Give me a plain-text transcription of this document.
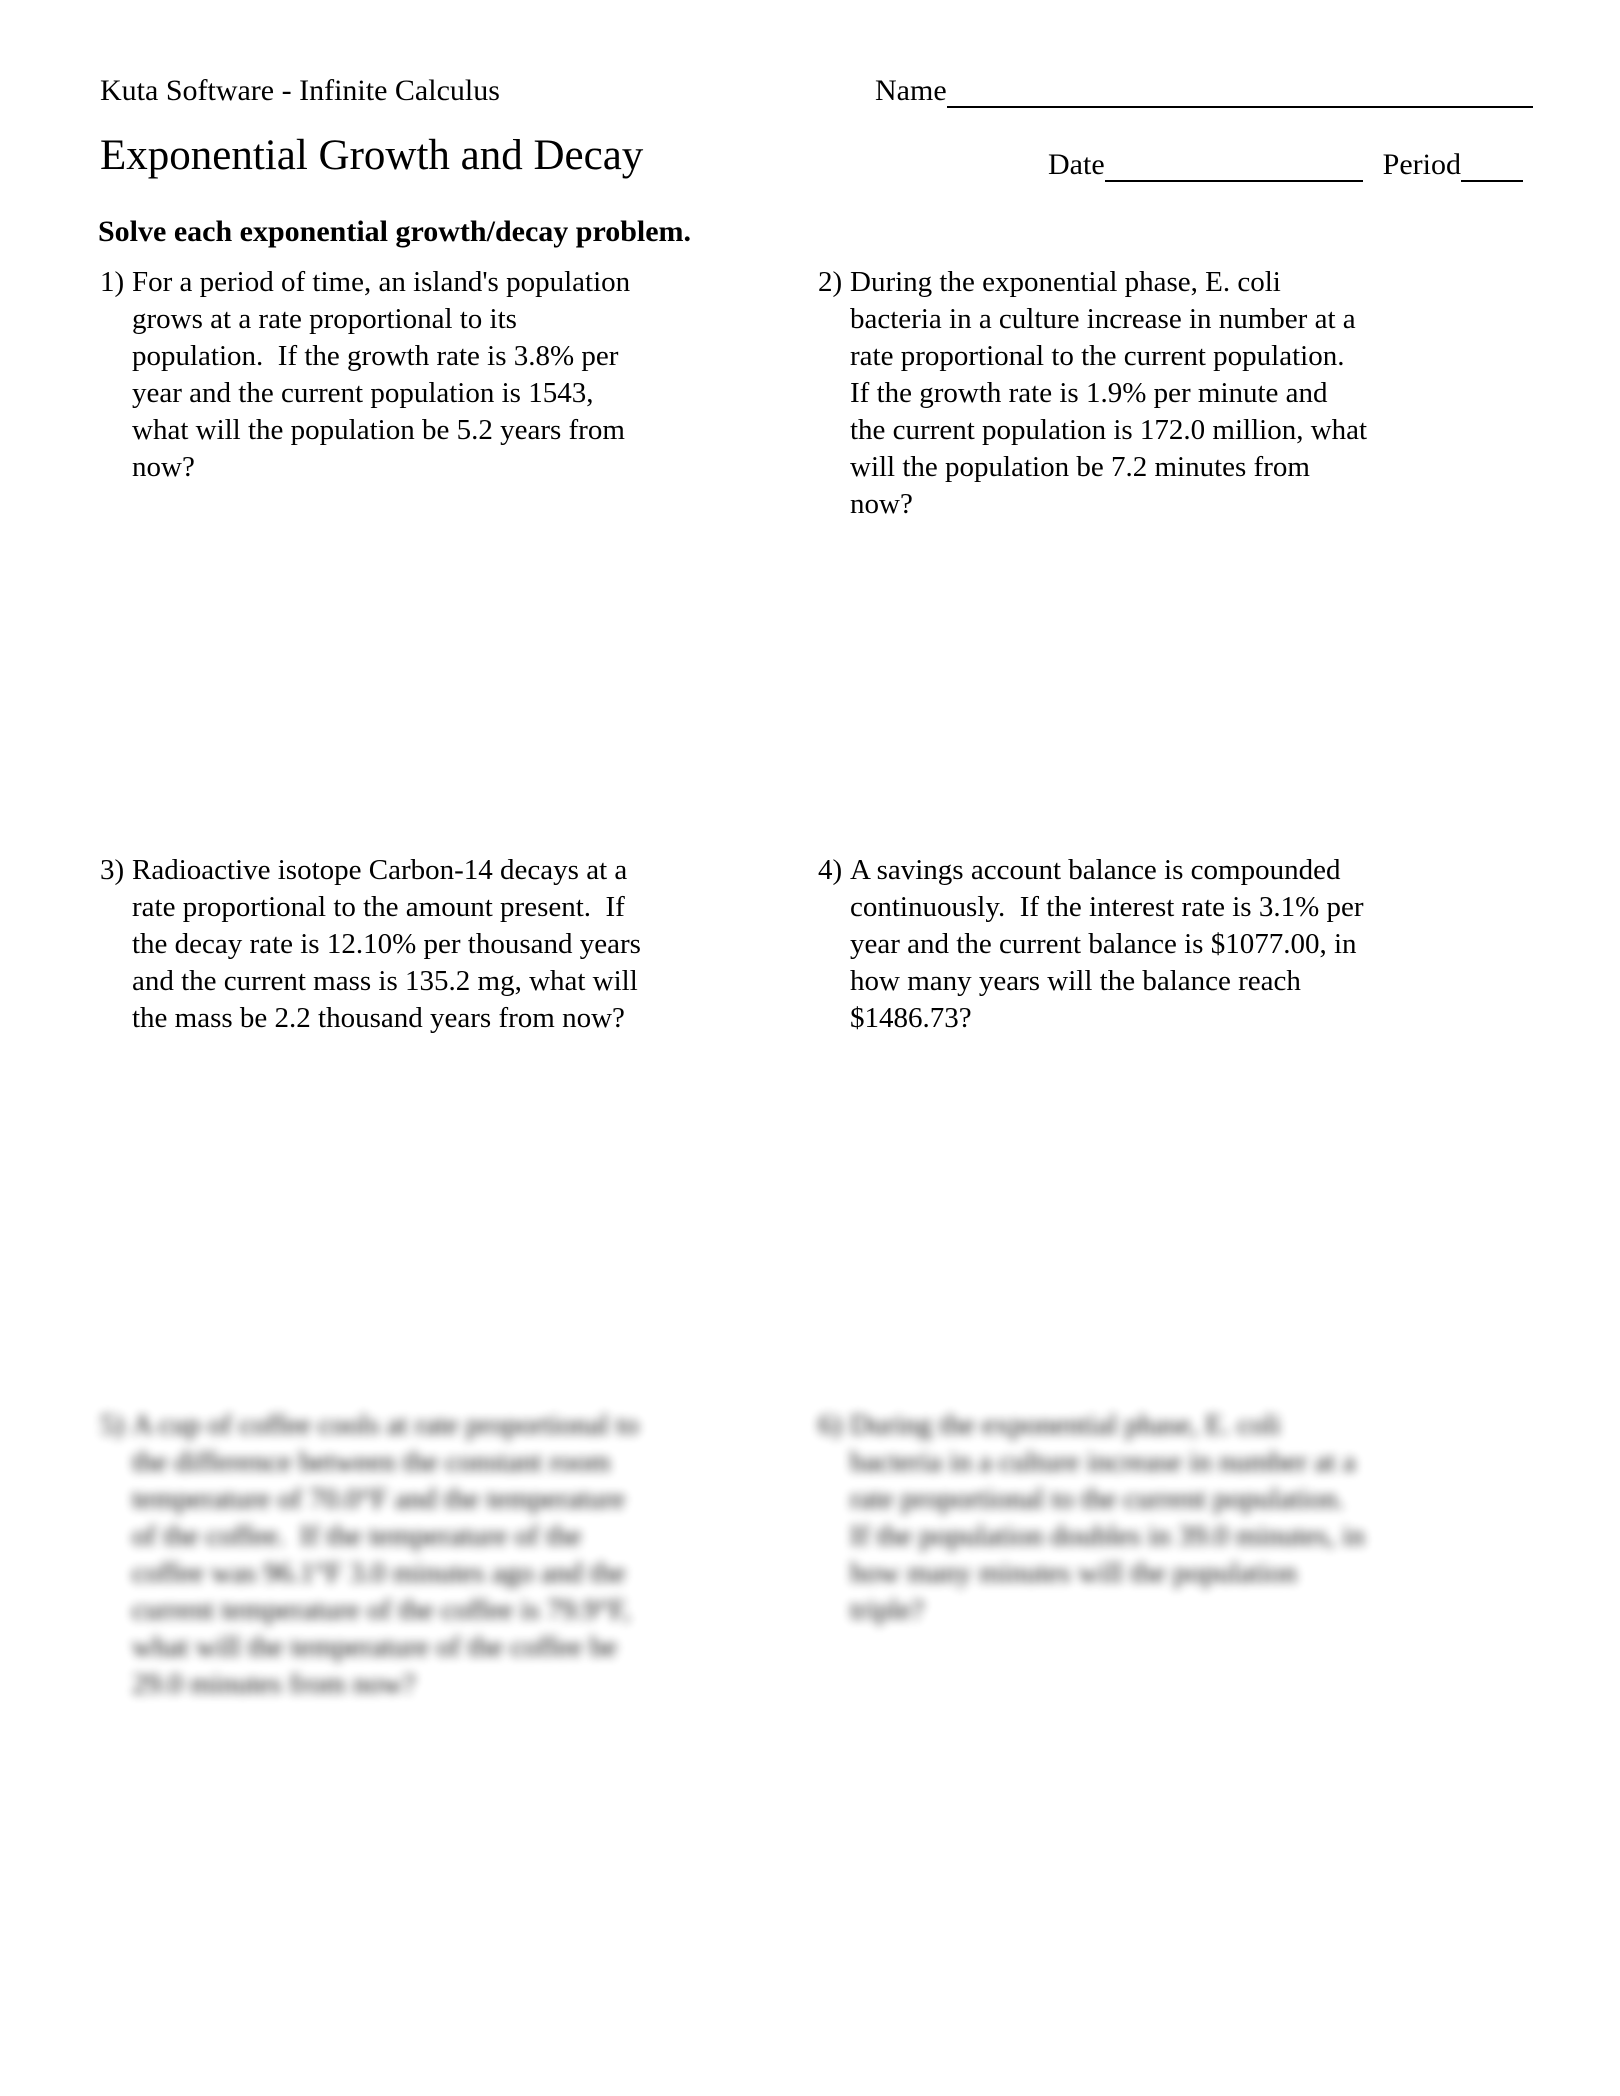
Kuta Software - Infinite Calculus	Name
Exponential Growth and Decay	Date	Period
Solve each exponential growth/decay problem.
1) For a period of time, an island's population
grows at a rate proportional to its
population.  If the growth rate is 3.8% per
year and the current population is 1543,
what will the population be 5.2 years from
now?
2) During the exponential phase, E. coli
bacteria in a culture increase in number at a
rate proportional to the current population.
If the growth rate is 1.9% per minute and
the current population is 172.0 million, what
will the population be 7.2 minutes from
now?
3) Radioactive isotope Carbon-14 decays at a
rate proportional to the amount present.  If
the decay rate is 12.10% per thousand years
and the current mass is 135.2 mg, what will
the mass be 2.2 thousand years from now?
4) A savings account balance is compounded
continuously.  If the interest rate is 3.1% per
year and the current balance is $1077.00, in
how many years will the balance reach
$1486.73?
5) A cup of coffee cools at rate proportional to
the difference between the constant room
temperature of 70.0°F and the temperature
of the coffee.  If the temperature of the
coffee was 96.1°F 3.0 minutes ago and the
current temperature of the coffee is 79.9°F,
what will the temperature of the coffee be
29.0 minutes from now?
6) During the exponential phase, E. coli
bacteria in a culture increase in number at a
rate proportional to the current population.
If the population doubles in 39.0 minutes, in
how many minutes will the population
triple?
